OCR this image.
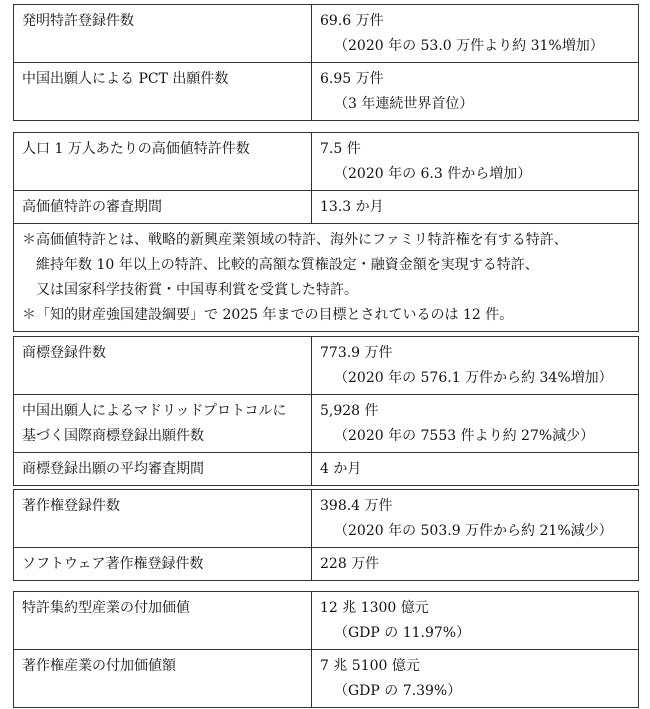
発明特許登録件数	69.6 万件
（2020 年の 53.0 万件より約 31%増加）

中国出願人による PCT 出願件数	6.95 万件
（3 年連続世界首位）
人口 1 万人あたりの高価値特許件数	7.5 件
（2020 年の 6.3 件から増加）

高価値特許の審査期間	13.3 か月

＊高価値特許とは、戦略的新興産業領域の特許、海外にファミリ特許権を有する特許、
維持年数 10 年以上の特許、比較的高額な質権設定・融資金額を実現する特許、
又は国家科学技術賞・中国専利賞を受賞した特許。
＊「知的財産強国建設綱要」で 2025 年までの目標とされているのは 12 件。	
商標登録件数	773.9 万件
（2020 年の 576.1 万件から約 34%増加）

中国出願人によるマドリッドプロトコルに
基づく国際商標登録出願件数	5,928 件
（2020 年の 7553 件より約 27%減少）

商標登録出願の平均審査期間	4 か月
著作権登録件数	398.4 万件
（2020 年の 503.9 万件から約 21%減少）

ソフトウェア著作権登録件数	228 万件
特許集約型産業の付加価値	12 兆 1300 億元
（GDP の 11.97%）

著作権産業の付加価値額	7 兆 5100 億元
（GDP の 7.39%）
